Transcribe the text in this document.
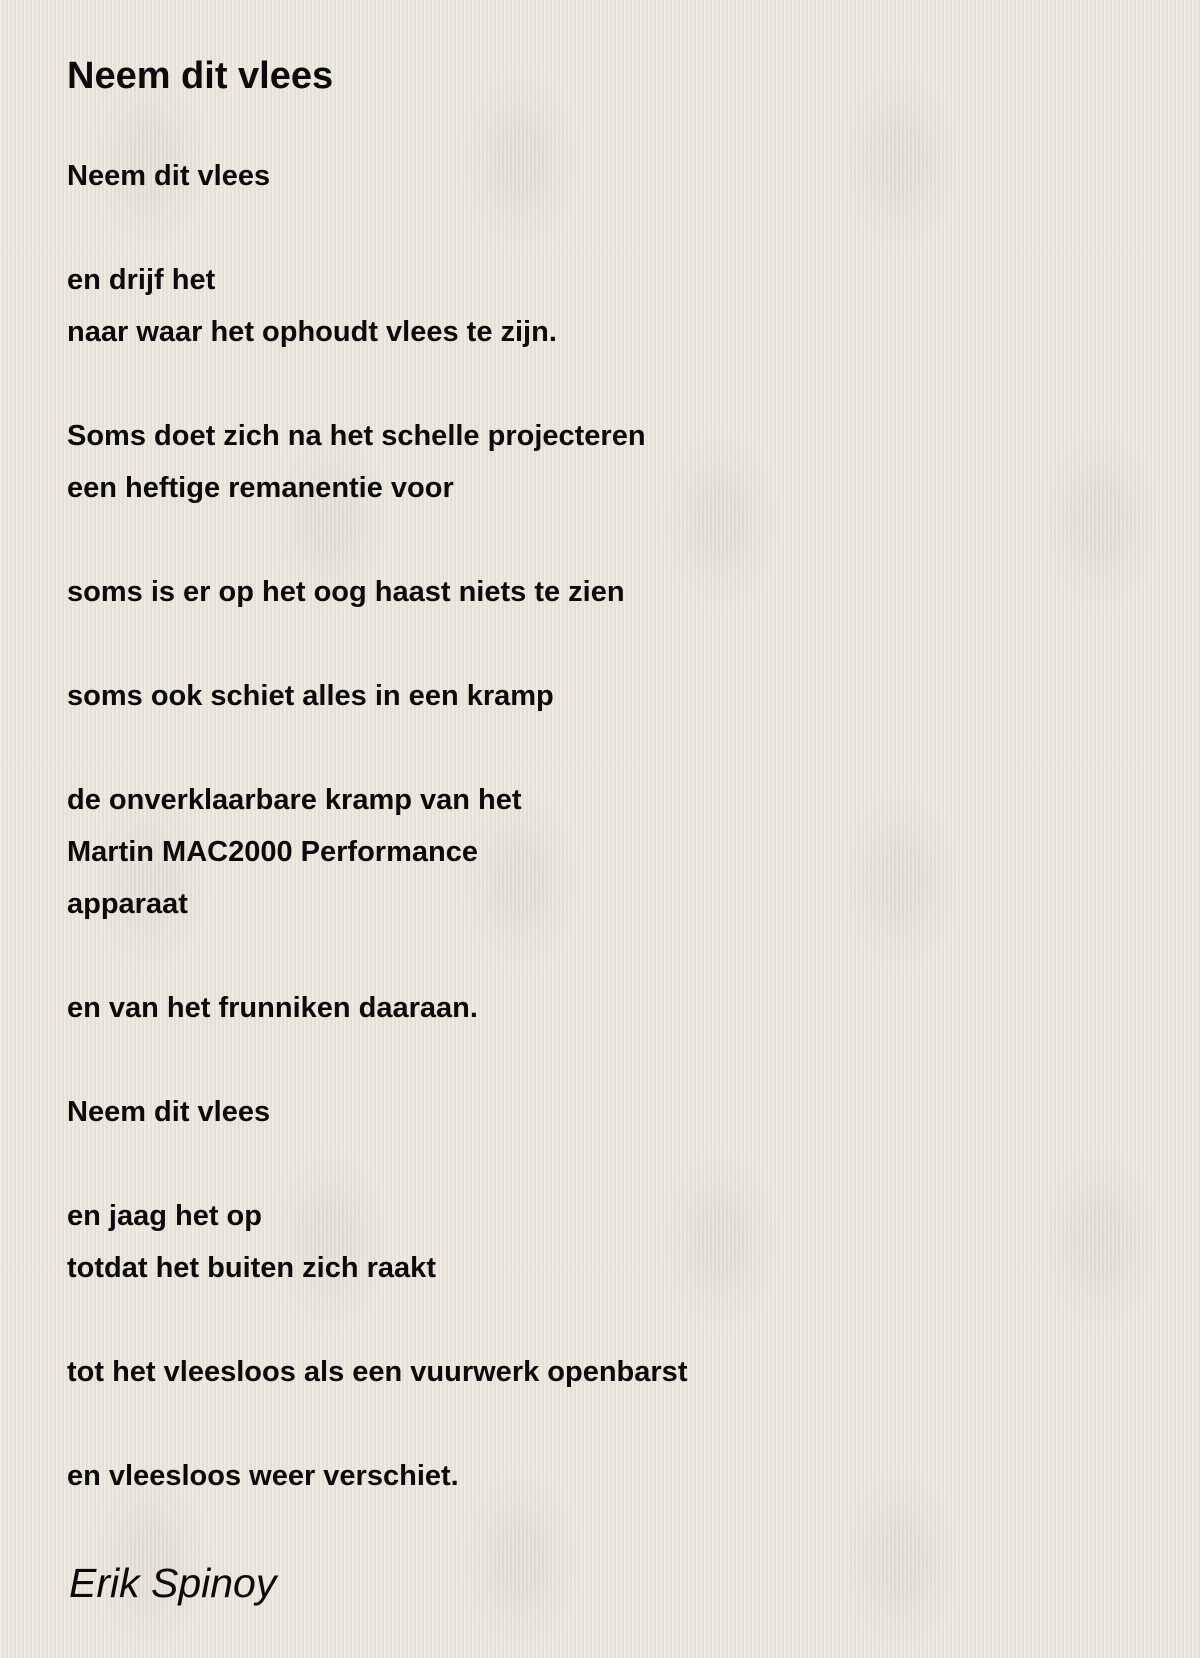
Neem dit vlees
Neem dit vlees
en drijf het
naar waar het ophoudt vlees te zijn.
Soms doet zich na het schelle projecteren
een heftige remanentie voor
soms is er op het oog haast niets te zien
soms ook schiet alles in een kramp
de onverklaarbare kramp van het
Martin MAC2000 Performance
apparaat
en van het frunniken daaraan.
Neem dit vlees
en jaag het op
totdat het buiten zich raakt
tot het vleesloos als een vuurwerk openbarst
en vleesloos weer verschiet.

Erik Spinoy
